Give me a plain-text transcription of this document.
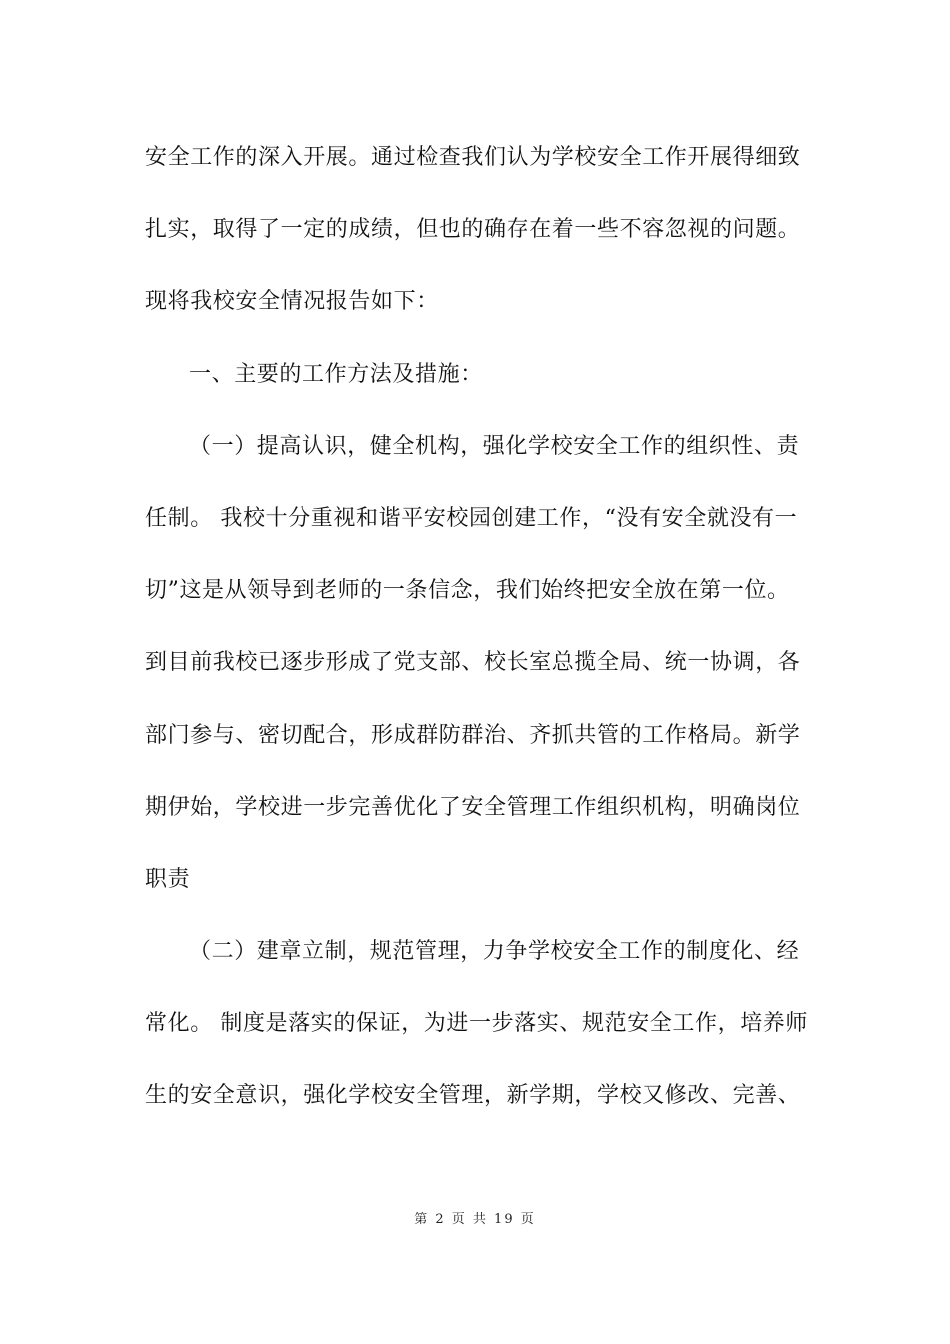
安全工作的深入开展。通过检查我们认为学校安全工作开展得细致
扎实，取得了一定的成绩，但也的确存在着一些不容忽视的问题。
现将我校安全情况报告如下：
一、主要的工作方法及措施：
（一）提高认识，健全机构，强化学校安全工作的组织性、责
任制。 我校十分重视和谐平安校园创建工作，“没有安全就没有一
切”这是从领导到老师的一条信念，我们始终把安全放在第一位。
到目前我校已逐步形成了党支部、校长室总揽全局、统一协调，各
部门参与、密切配合，形成群防群治、齐抓共管的工作格局。新学
期伊始，学校进一步完善优化了安全管理工作组织机构，明确岗位
职责
（二）建章立制，规范管理，力争学校安全工作的制度化、经
常化。 制度是落实的保证，为进一步落实、规范安全工作，培养师
生的安全意识，强化学校安全管理，新学期，学校又修改、完善、
第 2 页 共 19 页
